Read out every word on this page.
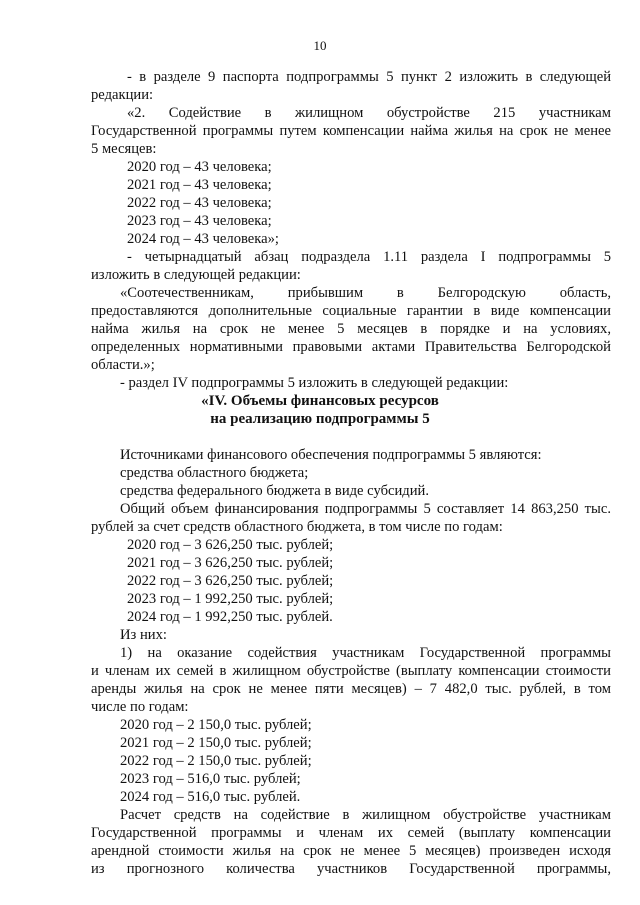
10
- в разделе 9 паспорта подпрограммы 5 пункт 2 изложить в следующей
редакции:
«2. Содействие в жилищном обустройстве 215 участникам
Государственной программы путем компенсации найма жилья на срок не менее
5 месяцев:
2020 год – 43 человека;
2021 год – 43 человека;
2022 год – 43 человека;
2023 год – 43 человека;
2024 год – 43 человека»;
- четырнадцатый абзац подраздела 1.11 раздела I подпрограммы 5
изложить в следующей редакции:
«Соотечественникам, прибывшим в Белгородскую область,
предоставляются дополнительные социальные гарантии в виде компенсации
найма жилья на срок не менее 5 месяцев в порядке и на условиях,
определенных нормативными правовыми актами Правительства Белгородской
области.»;
- раздел IV подпрограммы 5 изложить в следующей редакции:
«IV. Объемы финансовых ресурсов
на реализацию подпрограммы 5
Источниками финансового обеспечения подпрограммы 5 являются:
средства областного бюджета;
средства федерального бюджета в виде субсидий.
Общий объем финансирования подпрограммы 5 составляет 14 863,250 тыс.
рублей за счет средств областного бюджета, в том числе по годам:
2020 год – 3 626,250 тыс. рублей;
2021 год – 3 626,250 тыс. рублей;
2022 год – 3 626,250 тыс. рублей;
2023 год – 1 992,250 тыс. рублей;
2024 год – 1 992,250 тыс. рублей.
Из них:
1) на оказание содействия участникам Государственной программы
и членам их семей в жилищном обустройстве (выплату компенсации стоимости
аренды жилья на срок не менее пяти месяцев) – 7 482,0 тыс. рублей, в том
числе по годам:
2020 год – 2 150,0 тыс. рублей;
2021 год – 2 150,0 тыс. рублей;
2022 год – 2 150,0 тыс. рублей;
2023 год – 516,0 тыс. рублей;
2024 год – 516,0 тыс. рублей.
Расчет средств на содействие в жилищном обустройстве участникам
Государственной программы и членам их семей (выплату компенсации
арендной стоимости жилья на срок не менее 5 месяцев) произведен исходя
из прогнозного количества участников Государственной программы,
